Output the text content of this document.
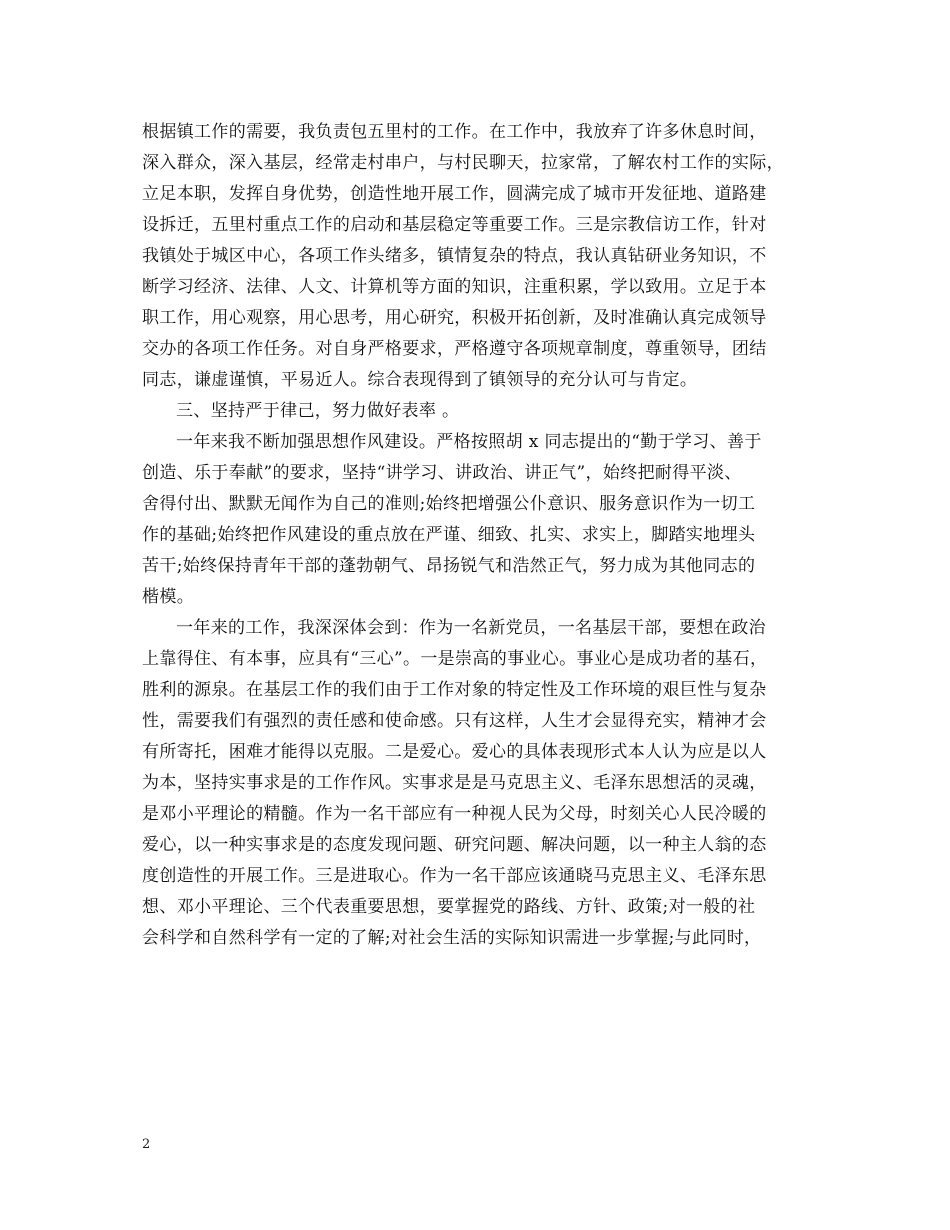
根据镇工作的需要，我负责包五里村的工作。在工作中，我放弃了许多休息时间，
深入群众，深入基层，经常走村串户，与村民聊天，拉家常，了解农村工作的实际，
立足本职，发挥自身优势，创造性地开展工作，圆满完成了城市开发征地、道路建
设拆迁，五里村重点工作的启动和基层稳定等重要工作。三是宗教信访工作，针对
我镇处于城区中心，各项工作头绪多，镇情复杂的特点，我认真钻研业务知识，不
断学习经济、法律、人文、计算机等方面的知识，注重积累，学以致用。立足于本
职工作，用心观察，用心思考，用心研究，积极开拓创新，及时准确认真完成领导
交办的各项工作任务。对自身严格要求，严格遵守各项规章制度，尊重领导，团结
同志，谦虚谨慎，平易近人。综合表现得到了镇领导的充分认可与肯定。
三、坚持严于律己，努力做好表率 。
一年来我不断加强思想作风建设。严格按照胡 x 同志提出的“勤于学习、善于
创造、乐于奉献”的要求，坚持“讲学习、讲政治、讲正气”，始终把耐得平淡、
舍得付出、默默无闻作为自己的准则;始终把增强公仆意识、服务意识作为一切工
作的基础;始终把作风建设的重点放在严谨、细致、扎实、求实上，脚踏实地埋头
苦干;始终保持青年干部的蓬勃朝气、昂扬锐气和浩然正气，努力成为其他同志的
楷模。
一年来的工作，我深深体会到：作为一名新党员，一名基层干部，要想在政治
上靠得住、有本事，应具有“三心”。一是崇高的事业心。事业心是成功者的基石，
胜利的源泉。在基层工作的我们由于工作对象的特定性及工作环境的艰巨性与复杂
性，需要我们有强烈的责任感和使命感。只有这样，人生才会显得充实，精神才会
有所寄托，困难才能得以克服。二是爱心。爱心的具体表现形式本人认为应是以人
为本，坚持实事求是的工作作风。实事求是是马克思主义、毛泽东思想活的灵魂，
是邓小平理论的精髓。作为一名干部应有一种视人民为父母，时刻关心人民冷暖的
爱心，以一种实事求是的态度发现问题、研究问题、解决问题，以一种主人翁的态
度创造性的开展工作。三是进取心。作为一名干部应该通晓马克思主义、毛泽东思
想、邓小平理论、三个代表重要思想，要掌握党的路线、方针、政策;对一般的社
会科学和自然科学有一定的了解;对社会生活的实际知识需进一步掌握;与此同时，
2
